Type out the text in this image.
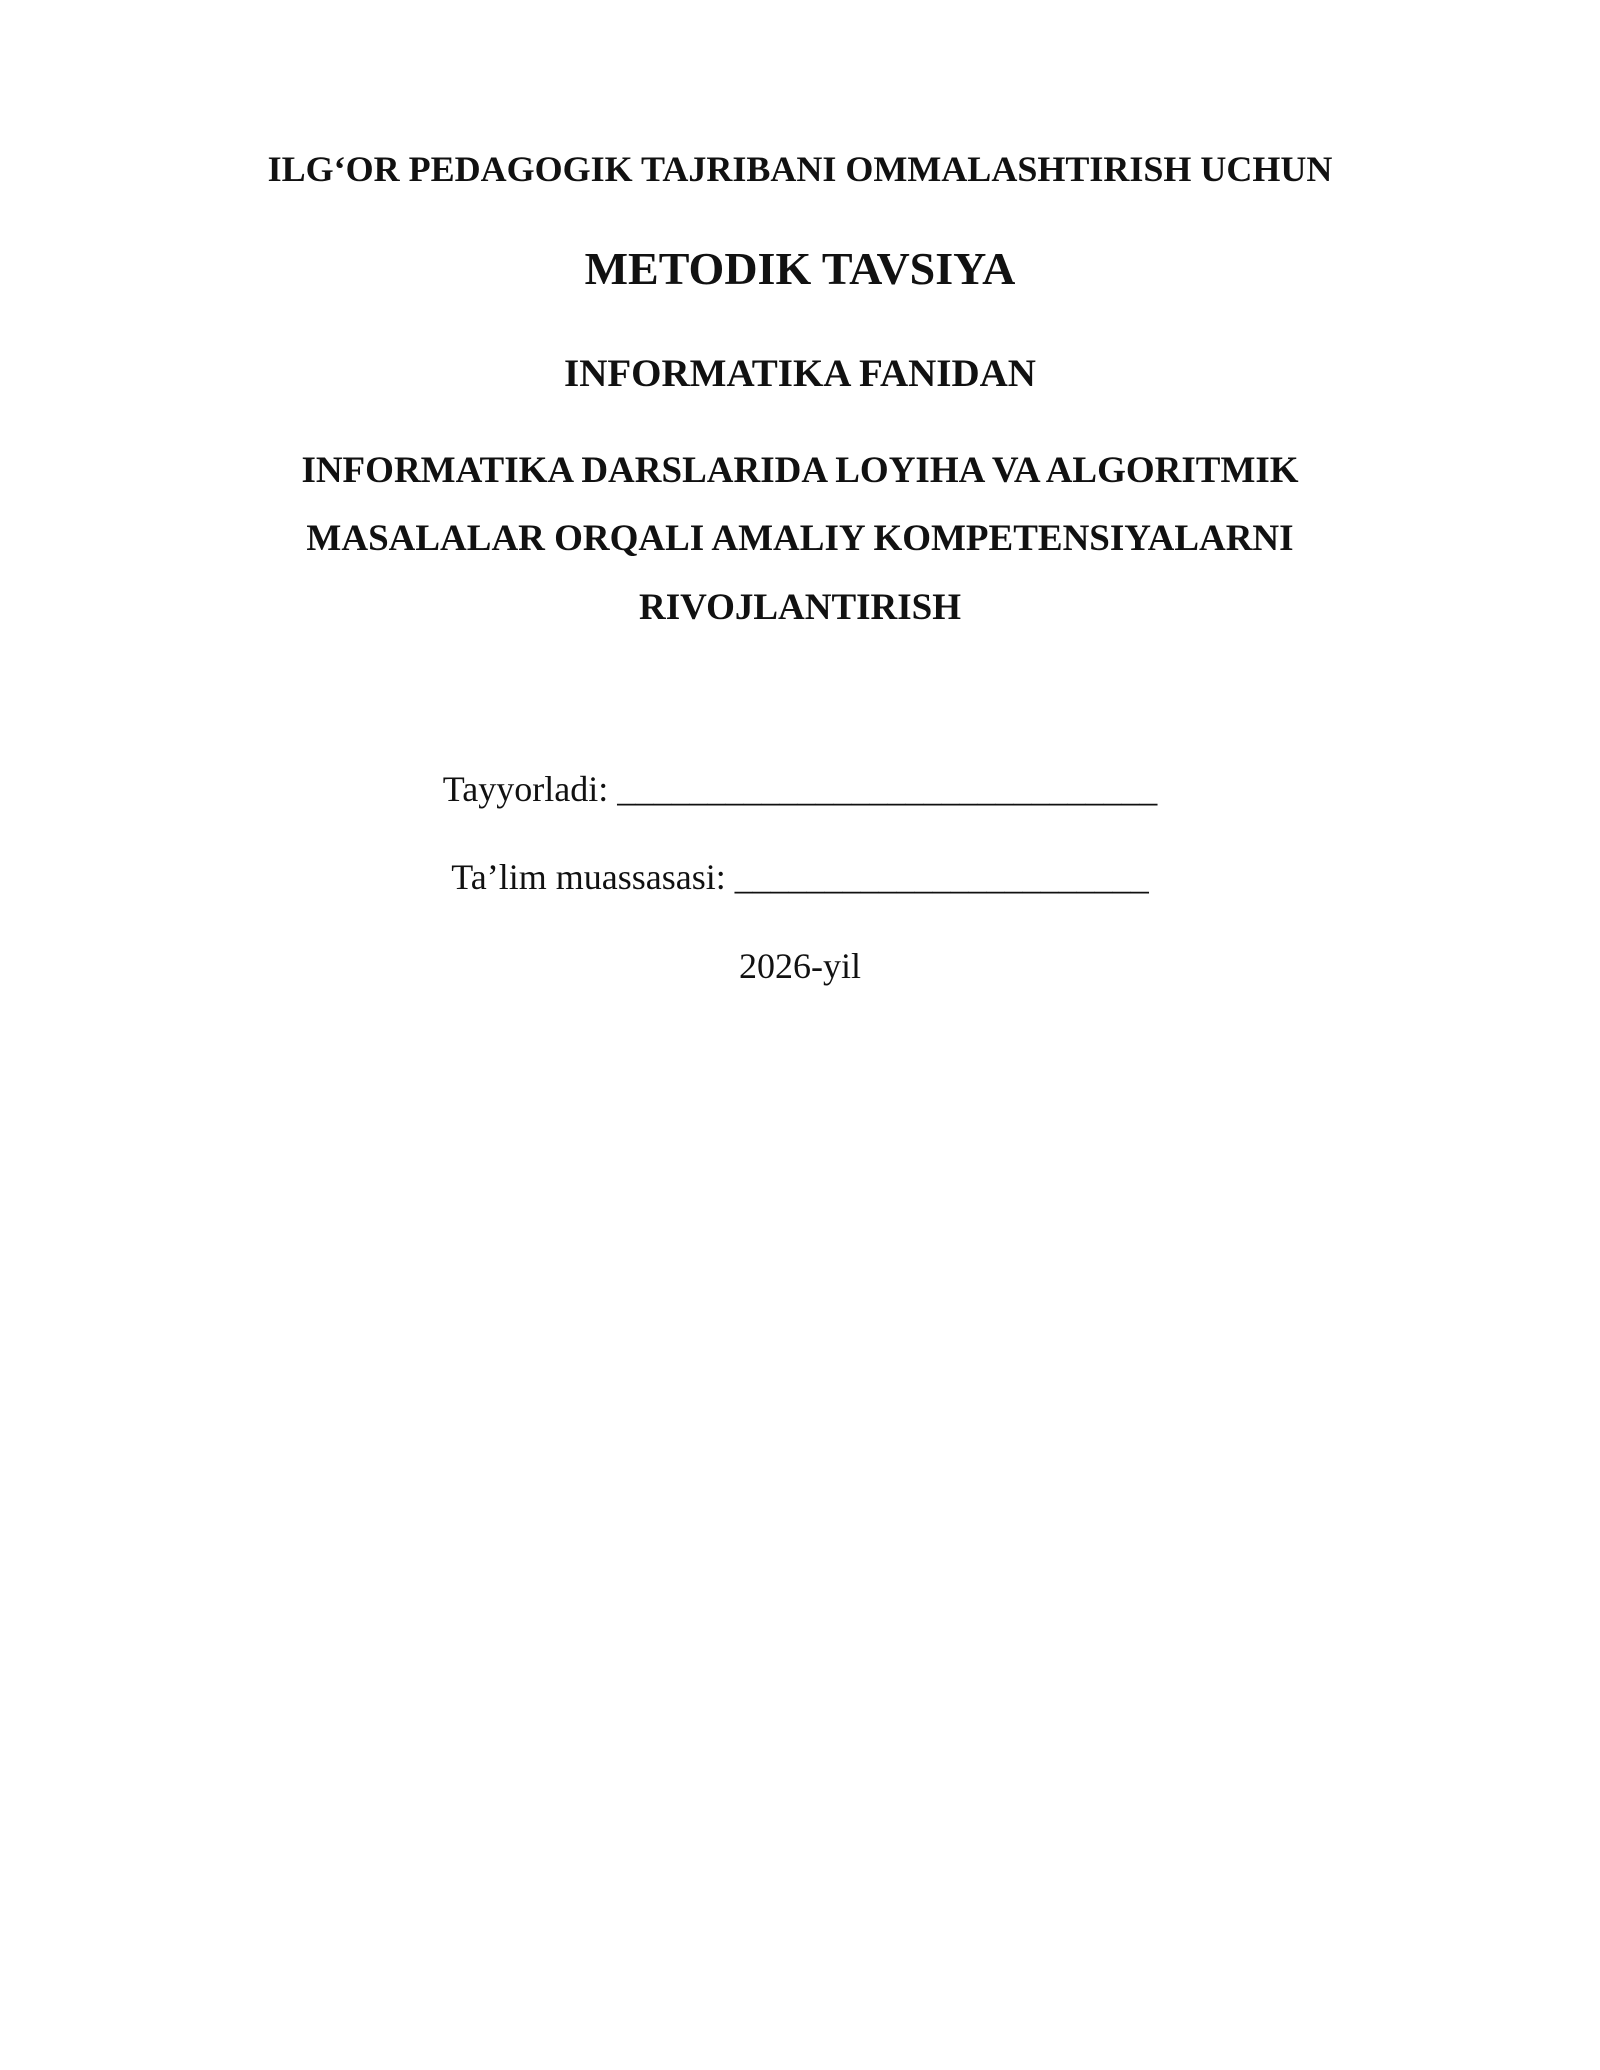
ILG‘OR PEDAGOGIK TAJRIBANI OMMALASHTIRISH UCHUN
METODIK TAVSIYA
INFORMATIKA FANIDAN
INFORMATIKA DARSLARIDA LOYIHA VA ALGORITMIK
MASALALAR ORQALI AMALIY KOMPETENSIYALARNI
RIVOJLANTIRISH
Tayyorladi: ______________________________
Ta’lim muassasasi: _______________________
2026-yil
